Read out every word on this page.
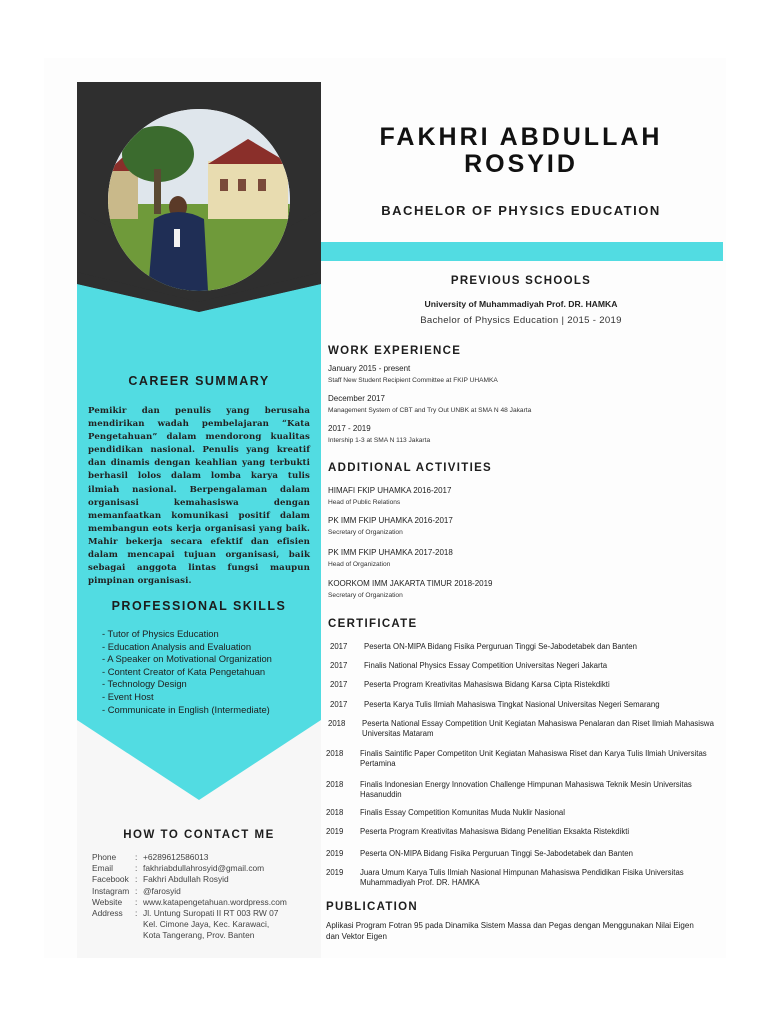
CAREER SUMMARY

Pemikir dan penulis yang berusaha mendirikan wadah pembelajaran “Kata Pengetahuan” dalam mendorong kualitas pendidikan nasional. Penulis yang kreatif dan dinamis dengan keahlian yang terbukti berhasil lolos dalam lomba karya tulis ilmiah nasional. Berpengalaman dalam organisasi kemahasiswa dengan memanfaatkan komunikasi positif dalam membangun eots kerja organisasi yang baik. Mahir bekerja secara efektif dan efisien dalam mencapai tujuan organisasi, baik sebagai anggota lintas fungsi maupun pimpinan organisasi.

PROFESSIONAL SKILLS
- Tutor of Physics Education
- Education Analysis and Evaluation
- A Speaker on Motivational Organization
- Content Creator of Kata Pengetahuan
- Technology Design
- Event Host
- Communicate in English (Intermediate)
HOW TO CONTACT ME
Phone	: +6289612586013
Email	: fakhriabdullahrosyid@gmail.com
Facebook : Fakhri Abdullah Rosyid
Instagram : @farosyid
Website	: www.katapengetahuan.wordpress.com
Address	: Jl. Untung Suropati II RT 003 RW 07
Kel. Cimone Jaya, Kec. Karawaci,
Kota Tangerang, Prov. Banten
FAKHRI ABDULLAH
ROSYID
BACHELOR OF PHYSICS EDUCATION
PREVIOUS SCHOOLS
University of Muhammadiyah Prof. DR. HAMKA
Bachelor of Physics Education | 2015 - 2019
WORK EXPERIENCE
January 2015 - present
Staff New Student Recipient Committee at FKIP UHAMKA
December 2017
Management System of CBT and Try Out UNBK at SMA N 48 Jakarta
2017 - 2019
Intership 1-3 at SMA N 113 Jakarta
ADDITIONAL ACTIVITIES
HIMAFI FKIP UHAMKA 2016-2017
Head of Public Relations
PK IMM FKIP UHAMKA 2016-2017
Secretary of Organization
PK IMM FKIP UHAMKA 2017-2018
Head of Organization
KOORKOM IMM JAKARTA TIMUR 2018-2019
Secretary of Organization
CERTIFICATE
2017	Peserta ON-MIPA Bidang Fisika Perguruan Tinggi Se-Jabodetabek dan Banten
2017	Finalis National Physics Essay Competition Universitas Negeri Jakarta
2017	Peserta Program Kreativitas Mahasiswa Bidang Karsa Cipta Ristekdikti
2017	Peserta Karya Tulis Ilmiah Mahasiswa Tingkat Nasional Universitas Negeri Semarang
2018	Peserta National Essay Competition Unit Kegiatan Mahasiswa Penalaran dan Riset Ilmiah Mahasiswa Universitas Mataram
2018	Finalis Saintific Paper Competiton Unit Kegiatan Mahasiswa Riset dan Karya Tulis Ilmiah Universitas Pertamina
2018	Finalis Indonesian Energy Innovation Challenge Himpunan Mahasiswa Teknik Mesin Universitas Hasanuddin
2018	Finalis Essay Competition Komunitas Muda Nuklir Nasional
2019	Peserta Program Kreativitas Mahasiswa Bidang Penelitian Eksakta Ristekdikti
2019	Peserta ON-MIPA Bidang Fisika Perguruan Tinggi Se-Jabodetabek dan Banten
2019	Juara Umum Karya Tulis Ilmiah Nasional Himpunan Mahasiswa Pendidikan Fisika Universitas Muhammadiyah Prof. DR. HAMKA
PUBLICATION
Aplikasi Program Fotran 95 pada Dinamika Sistem Massa dan Pegas dengan Menggunakan Nilai Eigen dan Vektor Eigen
